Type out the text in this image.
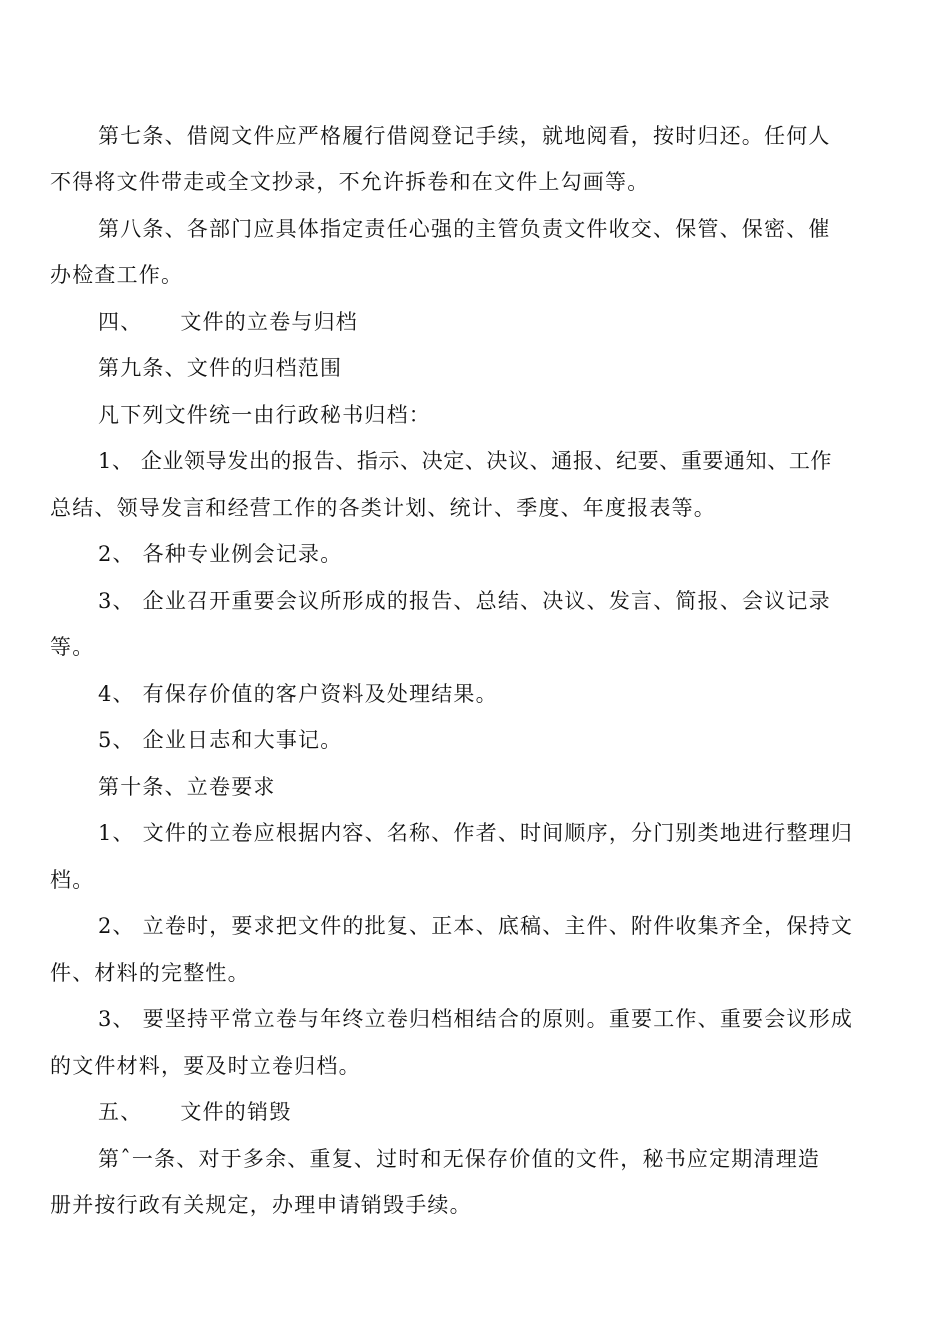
第七条、借阅文件应严格履行借阅登记手续，就地阅看，按时归还。任何人
不得将文件带走或全文抄录，不允许拆卷和在文件上勾画等。
第八条、各部门应具体指定责任心强的主管负责文件收交、保管、保密、催
办检查工作。
四、 文件的立卷与归档
第九条、文件的归档范围
凡下列文件统一由行政秘书归档：
1、 企业领导发出的报告、指示、决定、决议、通报、纪要、重要通知、工作
总结、领导发言和经营工作的各类计划、统计、季度、年度报表等。
2、 各种专业例会记录。
3、 企业召开重要会议所形成的报告、总结、决议、发言、简报、会议记录
等。
4、 有保存价值的客户资料及处理结果。
5、 企业日志和大事记。
第十条、立卷要求
1、 文件的立卷应根据内容、名称、作者、时间顺序，分门别类地进行整理归
档。
2、 立卷时，要求把文件的批复、正本、底稿、主件、附件收集齐全，保持文
件、材料的完整性。
3、 要坚持平常立卷与年终立卷归档相结合的原则。重要工作、重要会议形成
的文件材料，要及时立卷归档。
五、 文件的销毁
第ˆ一条、对于多余、重复、过时和无保存价值的文件，秘书应定期清理造
册并按行政有关规定，办理申请销毁手续。
